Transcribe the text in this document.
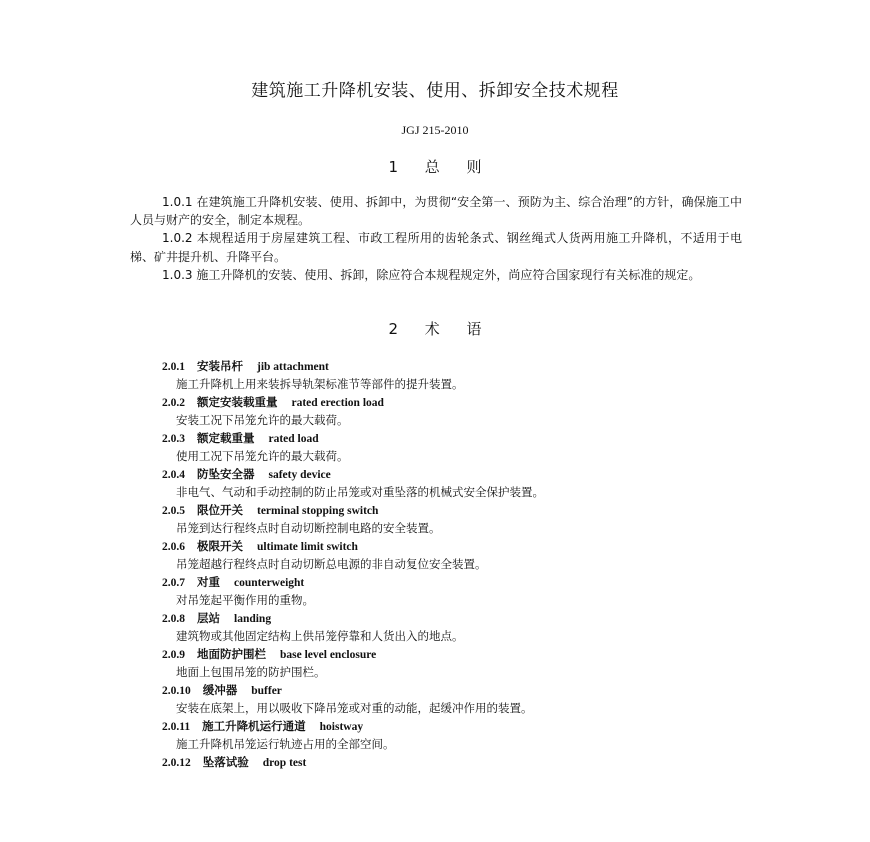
建筑施工升降机安装、使用、拆卸安全技术规程
JGJ 215-2010
1 总 则

1.0.1 在建筑施工升降机安装、使用、拆卸中，为贯彻“安全第一、预防为主、综合治理”的方针，确保施工中人员与财产的安全，制定本规程。

1.0.2 本规程适用于房屋建筑工程、市政工程所用的齿轮条式、钢丝绳式人货两用施工升降机，不适用于电梯、矿井提升机、升降平台。

1.0.3 施工升降机的安装、使用、拆卸，除应符合本规程规定外，尚应符合国家现行有关标准的规定。

2 术 语
2.0.1 安装吊杆 jib attachment
施工升降机上用来装拆导轨架标准节等部件的提升装置。
2.0.2 额定安装载重量 rated erection load
安装工况下吊笼允许的最大载荷。
2.0.3 额定载重量 rated load
使用工况下吊笼允许的最大载荷。
2.0.4 防坠安全器 safety device
非电气、气动和手动控制的防止吊笼或对重坠落的机械式安全保护装置。
2.0.5 限位开关 terminal stopping switch
吊笼到达行程终点时自动切断控制电路的安全装置。
2.0.6 极限开关 ultimate limit switch
吊笼超越行程终点时自动切断总电源的非自动复位安全装置。
2.0.7 对重 counterweight
对吊笼起平衡作用的重物。
2.0.8 层站 landing
建筑物或其他固定结构上供吊笼停靠和人货出入的地点。
2.0.9 地面防护围栏 base level enclosure
地面上包围吊笼的防护围栏。
2.0.10 缓冲器 buffer
安装在底架上，用以吸收下降吊笼或对重的动能，起缓冲作用的装置。
2.0.11 施工升降机运行通道 hoistway
施工升降机吊笼运行轨迹占用的全部空间。
2.0.12 坠落试验 drop test
